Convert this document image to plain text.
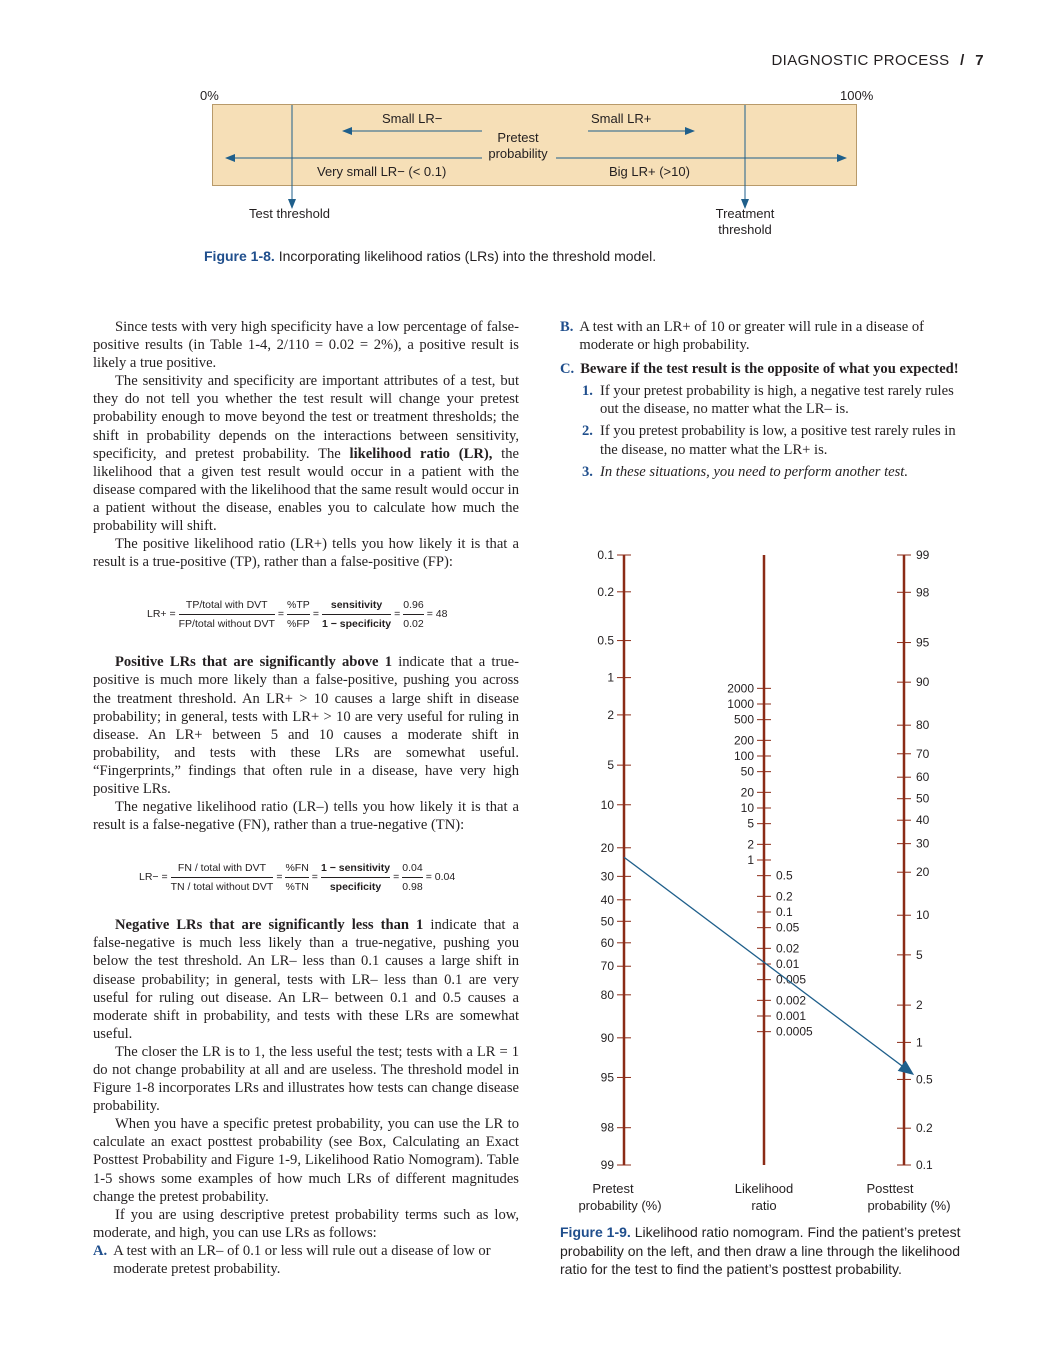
DIAGNOSTIC PROCESS / 7
0%	100%
Small LR−	Small LR+
Pretest
probability
Very small LR− (< 0.1)	Big LR+ (>10)
Test threshold	Treatment
threshold
Figure 1-8. Incorporating likelihood ratios (LRs) into the threshold model.

Since tests with very high specificity have a low percentage of false-positive results (in Table 1-4, 2/110 = 0.02 = 2%), a positive result is likely a true positive.

The sensitivity and specificity are important attributes of a test, but they do not tell you whether the test result will change your pretest probability enough to move beyond the test or treatment thresholds; the shift in probability depends on the interactions between sensitivity, specificity, and pretest probability. The likelihood ratio (LR), the likelihood that a given test result would occur in a patient with the disease compared with the likelihood that the same result would occur in a patient without the disease, enables you to calculate how much the probability will shift.

The positive likelihood ratio (LR+) tells you how likely it is that a result is a true-positive (TP), rather than a false-positive (FP):

LR+ =
TP/total with DVT
FP/total without DVT
= $\frac{\%TP}{\%FP}$ =
sensitivity
1 − specificity
= $\frac{0.96}{0.02} = 48$

Positive LRs that are significantly above 1 indicate that a true-positive is much more likely than a false-positive, pushing you across the treatment threshold. An LR+ > 10 causes a large shift in disease probability; in general, tests with LR+ > 10 are very useful for ruling in disease. An LR+ between 5 and 10 causes a moderate shift in probability, and tests with these LRs are somewhat useful. “Fingerprints,” findings that often rule in a disease, have very high positive LRs.

The negative likelihood ratio (LR–) tells you how likely it is that a result is a false-negative (FN), rather than a true-negative (TN):

LR− =
FN / total with DVT
TN / total without DVT
= $\frac{\%FN}{\%TN}$ =
1 − sensitivity
specificity
= $\frac{0.04}{0.98} = 0.04$

Negative LRs that are significantly less than 1 indicate that a false-negative is much less likely than a true-negative, pushing you below the test threshold. An LR– less than 0.1 causes a large shift in disease probability; in general, tests with LR– less than 0.1 are very useful for ruling out disease. An LR– between 0.1 and 0.5 causes a moderate shift in probability, and tests with these LRs are somewhat useful.

The closer the LR is to 1, the less useful the test; tests with a LR = 1 do not change probability at all and are useless. The threshold model in Figure 1-8 incorporates LRs and illustrates how tests can change disease probability.

When you have a specific pretest probability, you can use the LR to calculate an exact posttest probability (see Box, Calculating an Exact Posttest Probability and Figure 1-9, Likelihood Ratio Nomogram). Table 1-5 shows some examples of how much LRs of different magnitudes change the pretest probability.

If you are using descriptive pretest probability terms such as low, moderate, and high, you can use LRs as follows:

A. A test with an LR– of 0.1 or less will rule out a disease of low or moderate pretest probability.
B. A test with an LR+ of 10 or greater will rule in a disease of moderate or high probability.
C. Beware if the test result is the opposite of what you expected!
1. If your pretest probability is high, a negative test rarely rules out the disease, no matter what the LR– is.
2. If you pretest probability is low, a positive test rarely rules in the disease, no matter what the LR+ is.
3. In these situations, you need to perform another test.
0.1
0.2
0.5
1
2
5
10
20
30
40
50
60
70
80
90
95
98
99
2000
1000
500
200
100
50
20
10
5
2
1
0.5
0.2
0.1
0.05
0.02
0.01
0.005
0.002
0.001
0.0005
99
98
95
90
80
70
60
50
40
30
20
10
5
2
1
0.5
0.2
0.1
Pretest
probability (%)
Likelihood
ratio
Posttest
probability (%)
Figure 1-9. Likelihood ratio nomogram. Find the patient’s pretest probability on the left, and then draw a line through the likelihood ratio for the test to find the patient’s posttest probability.
